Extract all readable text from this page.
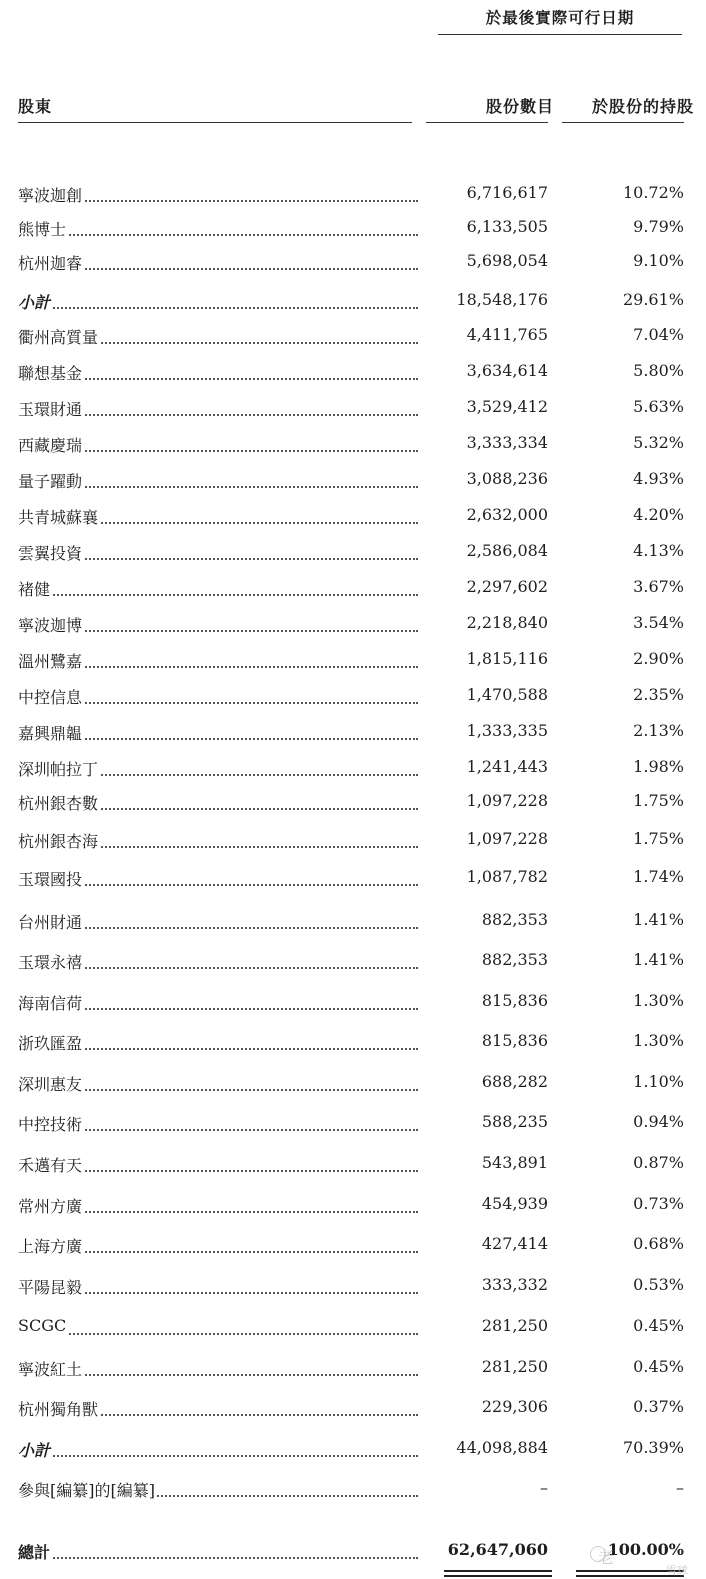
於最後實際可行日期
股東	股份數目 於股份的持股
寧波迦創	6,716,617	10.72%
熊博士	6,133,505	9.79%
杭州迦睿	5,698,054	9.10%
小計	18,548,176	29.61%
衢州高質量	4,411,765	7.04%
聯想基金	3,634,614	5.80%
玉環財通	3,529,412	5.63%
西藏慶瑞	3,333,334	5.32%
量子躍動	3,088,236	4.93%
共青城蘇襄	2,632,000	4.20%
雲翼投資	2,586,084	4.13%
褚健	2,297,602	3.67%
寧波迦博	2,218,840	3.54%
溫州鷺嘉	1,815,116	2.90%
中控信息	1,470,588	2.35%
嘉興鼎韞	1,333,335	2.13%
深圳帕拉丁	1,241,443	1.98%
杭州銀杏數	1,097,228	1.75%
杭州銀杏海	1,097,228	1.75%
玉環國投	1,087,782	1.74%
台州財通	882,353	1.41%
玉環永禧	882,353	1.41%
海南信荷	815,836	1.30%
浙玖匯盈	815,836	1.30%
深圳惠友	688,282	1.10%
中控技術	588,235	0.94%
禾邁有天	543,891	0.87%
常州方廣	454,939	0.73%
上海方廣	427,414	0.68%
平陽昆毅	333,332	0.53%
SCGC	281,250	0.45%
寧波紅土	281,250	0.45%
杭州獨角獸	229,306	0.37%
小計	44,098,884	70.39%
參與[編纂]的[編纂]	–	–
總計	62,647,060	100.00%
老
雪球
